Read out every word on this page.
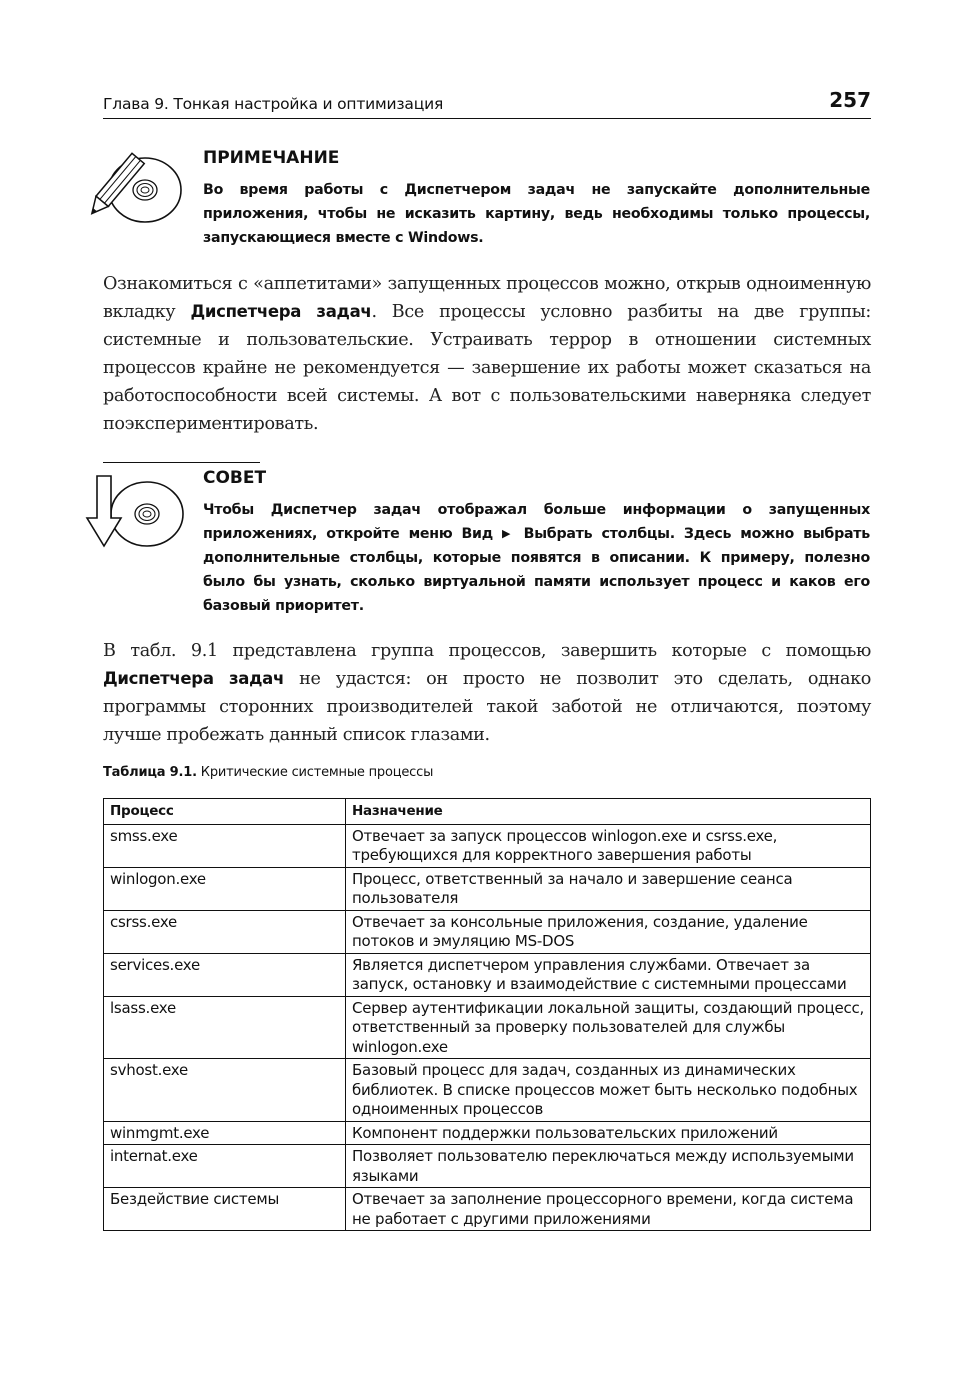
Глава 9. Тонкая настройка и оптимизация	257
ПРИМЕЧАНИЕ

Во время работы с Диспетчером задач не запускайте дополнительные приложения, чтобы не исказить картину, ведь необходимы только процессы, запускающиеся вместе с Windows.

Ознакомиться с «аппетитами» запущенных процессов можно, открыв одноименную вкладку Диспетчера задач. Все процессы условно разбиты на две группы: системные и пользовательские. Устраивать террор в отношении системных процессов крайне не рекомендуется — завершение их работы может сказаться на работоспособности всей системы. А вот с пользовательскими наверняка следует поэкспериментировать.

СОВЕТ

Чтобы Диспетчер задач отображал больше информации о запущенных приложениях, откройте меню Вид ▶ Выбрать столбцы. Здесь можно выбрать дополнительные столбцы, которые появятся в описании. К примеру, полезно было бы узнать, сколько виртуальной памяти использует процесс и каков его базовый приоритет.

В табл. 9.1 представлена группа процессов, завершить которые с помощью Диспетчера задач не удастся: он просто не позволит это сделать, однако программы сторонних производителей такой заботой не отличаются, поэтому лучше пробежать данный список глазами.

Таблица 9.1. Критические системные процессы
Процесс	Назначение
smss.exe	Отвечает за запуск процессов winlogon.exe и csrss.exe, требующихся для корректного завершения работы
winlogon.exe	Процесс, ответственный за начало и завершение сеанса пользователя
csrss.exe	Отвечает за консольные приложения, создание, удаление потоков и эмуляцию MS-DOS
services.exe	Является диспетчером управления службами. Отвечает за запуск, остановку и взаимодействие с системными процессами
lsass.exe	Сервер аутентификации локальной защиты, создающий процесс, ответственный за проверку пользователей для службы winlogon.exe
svhost.exe	Базовый процесс для задач, созданных из динамических библиотек. В списке процессов может быть несколько подобных одноименных процессов
winmgmt.exe	Компонент поддержки пользовательских приложений
internat.exe	Позволяет пользователю переключаться между используемыми языками
Бездействие системы	Отвечает за заполнение процессорного времени, когда система не работает с другими приложениями
